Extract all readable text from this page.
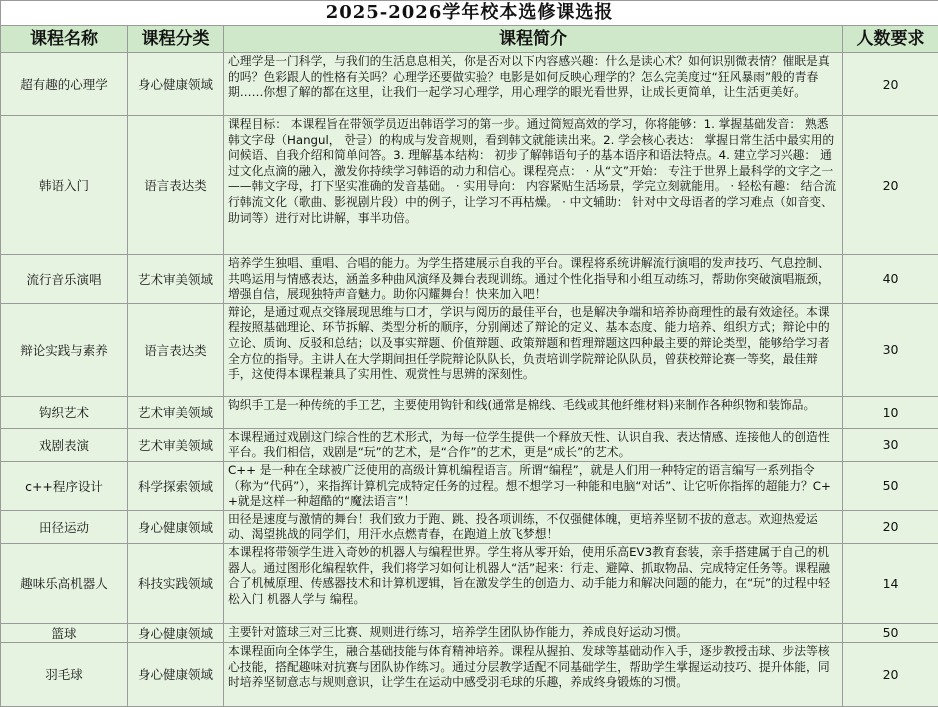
2025-2026学年校本选修课选报			
课程名称	课程分类	课程简介	人数要求
超有趣的心理学	身心健康领域	心理学是一门科学，与我们的生活息息相关，你是否对以下内容感兴趣：什么是读心术？如何识别微表情？催眠是真的吗？色彩跟人的性格有关吗？心理学还要做实验？电影是如何反映心理学的？怎么完美度过“狂风暴雨”般的青春期……你想了解的都在这里，让我们一起学习心理学，用心理学的眼光看世界，让成长更简单，让生活更美好。	20
韩语入门	语言表达类	课程目标： 本课程旨在带领学员迈出韩语学习的第一步。通过简短高效的学习，你将能够：1. 掌握基础发音： 熟悉韩文字母（Hangul， 한글）的构成与发音规则，看到韩文就能读出来。2. 学会核心表达： 掌握日常生活中最实用的问候语、自我介绍和简单问答。3. 理解基本结构： 初步了解韩语句子的基本语序和语法特点。4. 建立学习兴趣： 通过文化点滴的融入，激发你持续学习韩语的动力和信心。课程亮点： · 从“文”开始： 专注于世界上最科学的文字之一——韩文字母，打下坚实准确的发音基础。 · 实用导向： 内容紧贴生活场景，学完立刻就能用。 · 轻松有趣： 结合流行韩流文化（歌曲、影视剧片段）中的例子，让学习不再枯燥。 · 中文辅助： 针对中文母语者的学习难点（如音变、助词等）进行对比讲解，事半功倍。	20
流行音乐演唱	艺术审美领域	培养学生独唱、重唱、合唱的能力。为学生搭建展示自我的平台。课程将系统讲解流行演唱的发声技巧、气息控制、共鸣运用与情感表达，涵盖多种曲风演绎及舞台表现训练。通过个性化指导和小组互动练习，帮助你突破演唱瓶颈，增强自信，展现独特声音魅力。助你闪耀舞台！快来加入吧！	40
辩论实践与素养	语言表达类	辩论，是通过观点交锋展现思维与口才，学识与阅历的最佳平台，也是解决争端和培养协商理性的最有效途径。本课程按照基础理论、环节拆解、类型分析的顺序，分别阐述了辩论的定义、基本态度、能力培养、组织方式；辩论中的立论、质询、反驳和总结；以及事实辩题、价值辩题、政策辩题和哲理辩题这四种最主要的辩论类型，能够给学习者全方位的指导。主讲人在大学期间担任学院辩论队队长，负责培训学院辩论队队员，曾获校辩论赛一等奖，最佳辩手，这使得本课程兼具了实用性、观赏性与思辨的深刻性。	30
钩织艺术	艺术审美领域	钩织手工是一种传统的手工艺，主要使用钩针和线(通常是棉线、毛线或其他纤维材料)来制作各种织物和装饰品。	10
戏剧表演	艺术审美领域	本课程通过戏剧这门综合性的艺术形式，为每一位学生提供一个释放天性、认识自我、表达情感、连接他人的创造性平台。我们相信，戏剧是“玩”的艺术，是“合作”的艺术，更是“成长”的艺术。	30
c++程序设计	科学探索领域	C++ 是一种在全球被广泛使用的高级计算机编程语言。所谓“编程”，就是人们用一种特定的语言编写一系列指令（称为“代码”），来指挥计算机完成特定任务的过程。想不想学习一种能和电脑“对话”、让它听你指挥的超能力？C++就是这样一种超酷的“魔法语言”！	50
田径运动	身心健康领域	田径是速度与激情的舞台！我们致力于跑、跳、投各项训练，不仅强健体魄，更培养坚韧不拔的意志。欢迎热爱运动、渴望挑战的同学们，用汗水点燃青春，在跑道上放飞梦想！	20
趣味乐高机器人	科技实践领域	本课程将带领学生进入奇妙的机器人与编程世界。学生将从零开始，使用乐高EV3教育套装，亲手搭建属于自己的机器人。通过图形化编程软件，我们将学习如何让机器人“活”起来：行走、避障、抓取物品、完成特定任务等。课程融合了机械原理、传感器技术和计算机逻辑，旨在激发学生的创造力、动手能力和解决问题的能力，在“玩”的过程中轻松入门 机器人学与 编程。	14
篮球	身心健康领域	主要针对篮球三对三比赛、规则进行练习，培养学生团队协作能力，养成良好运动习惯。	50
羽毛球	身心健康领域	本课程面向全体学生，融合基础技能与体育精神培养。课程从握拍、发球等基础动作入手，逐步教授击球、步法等核心技能，搭配趣味对抗赛与团队协作练习。通过分层教学适配不同基础学生，帮助学生掌握运动技巧、提升体能，同时培养坚韧意志与规则意识，让学生在运动中感受羽毛球的乐趣，养成终身锻炼的习惯。	20
